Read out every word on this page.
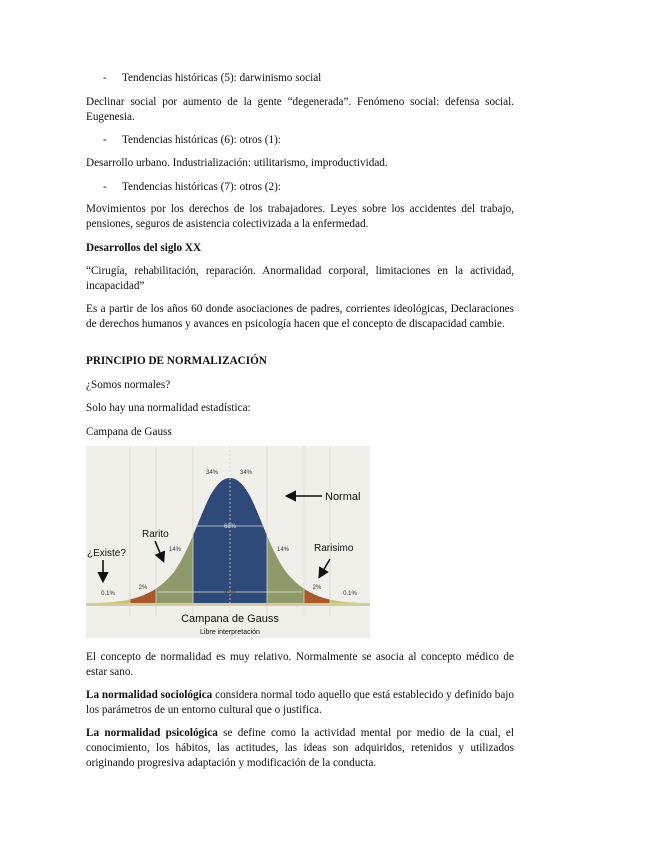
- Tendencias históricas (5): darwinismo social

Declinar social por aumento de la gente “degenerada”. Fenómeno social: defensa social. Eugenesia.

- Tendencias históricas (6): otros (1):

Desarrollo urbano. Industrialización: utilitarismo, improductividad.

- Tendencias históricas (7): otros (2):

Movimientos por los derechos de los trabajadores. Leyes sobre los accidentes del trabajo, pensiones, seguros de asistencia colectivizada a la enfermedad.

Desarrollos del siglo XX

“Cirugía, rehabilitación, reparación. Anormalidad corporal, limitaciones en la actividad, incapacidad”

Es a partir de los años 60 donde asociaciones de padres, corrientes ideológicas, Declaraciones de derechos humanos y avances en psicología hacen que el concepto de discapacidad cambie.

PRINCIPIO DE NORMALIZACIÓN

¿Somos normales?

Solo hay una normalidad estadística:

Campana de Gauss

34%	34%
68%
14%	14%
2%	2%
0.1%	0.1%
95%
Normal
Rarito
Rarisimo
¿Existe?
Campana de Gauss
Libre interpretación

El concepto de normalidad es muy relativo. Normalmente se asocia al concepto médico de estar sano.

La normalidad sociológica considera normal todo aquello que está establecido y definido bajo los parámetros de un entorno cultural que o justifica.

La normalidad psicológica se define como la actividad mental por medio de la cual, el conocimiento, los hábitos, las actitudes, las ideas son adquiridos, retenidos y utilizados originando progresiva adaptación y modificación de la conducta.
